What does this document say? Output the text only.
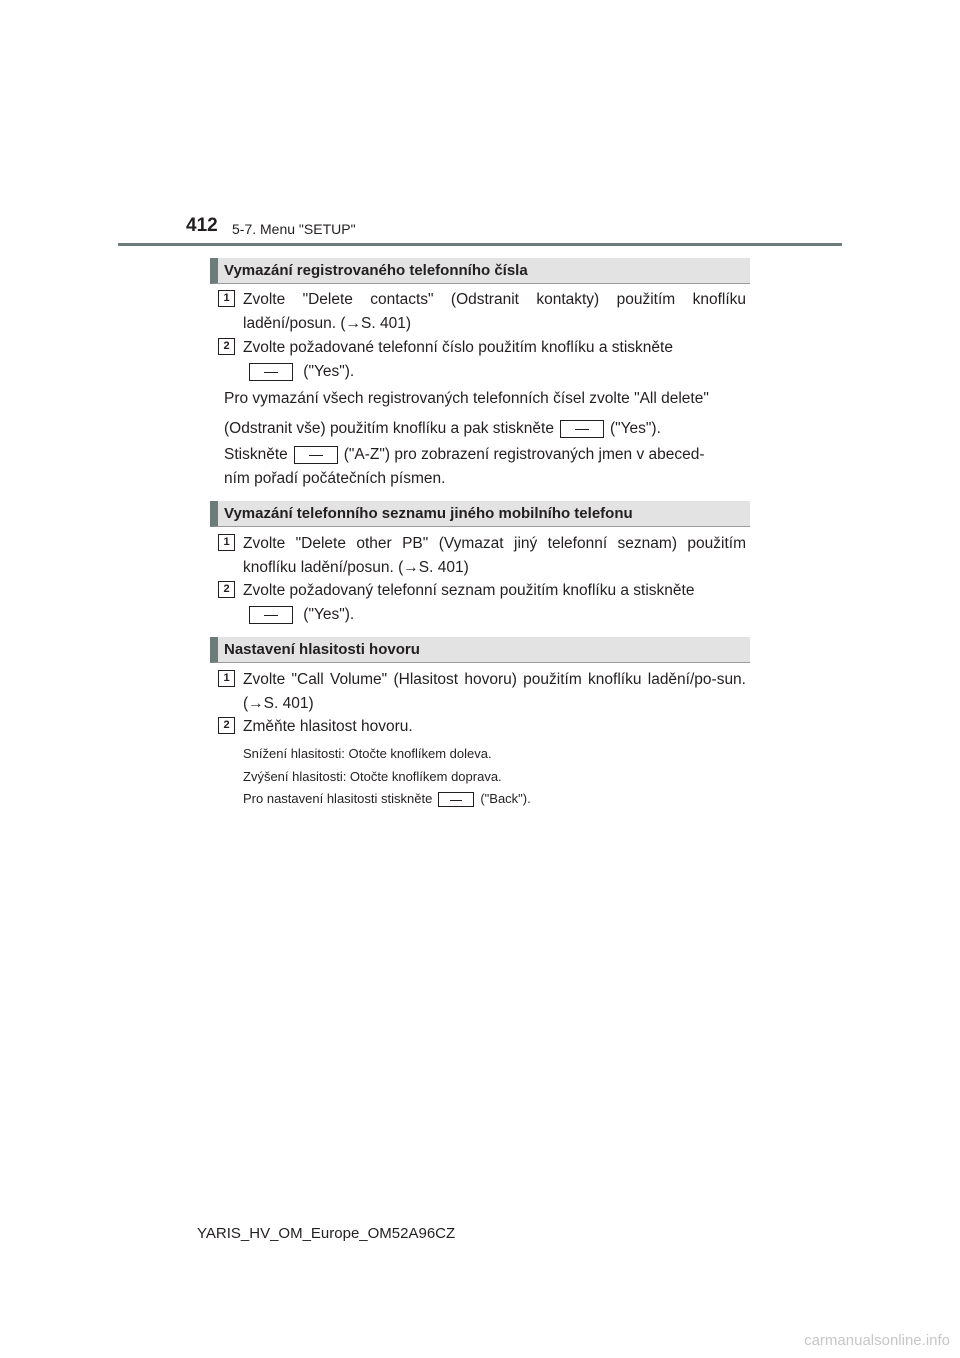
412 5-7. Menu "SETUP"
Vymazání registrovaného telefonního čísla
1 Zvolte "Delete contacts" (Odstranit kontakty) použitím knoflíku ladění/posun. (→S. 401)

2 Zvolte požadované telefonní číslo použitím knoflíku a stiskněte
("Yes").

Pro vymazání všech registrovaných telefonních čísel zvolte "All delete"
(Odstranit vše) použitím knoflíku a pak stiskněte	("Yes").

Stiskněte	("A-Z") pro zobrazení registrovaných jmen v abeced-
ním pořadí počátečních písmen.

Vymazání telefonního seznamu jiného mobilního telefonu
1 Zvolte "Delete other PB" (Vymazat jiný telefonní seznam) použitím knoflíku ladění/posun. (→S. 401)

2 Zvolte požadovaný telefonní seznam použitím knoflíku a stiskněte
("Yes").

Nastavení hlasitosti hovoru
1 Zvolte "Call Volume" (Hlasitost hovoru) použitím knoflíku ladění/po-sun. (→S. 401)

2 Změňte hlasitost hovoru.

Snížení hlasitosti: Otočte knoflíkem doleva.

Zvýšení hlasitosti: Otočte knoflíkem doprava.

Pro nastavení hlasitosti stiskněte	("Back").

YARIS_HV_OM_Europe_OM52A96CZ
carmanualsonline.info
